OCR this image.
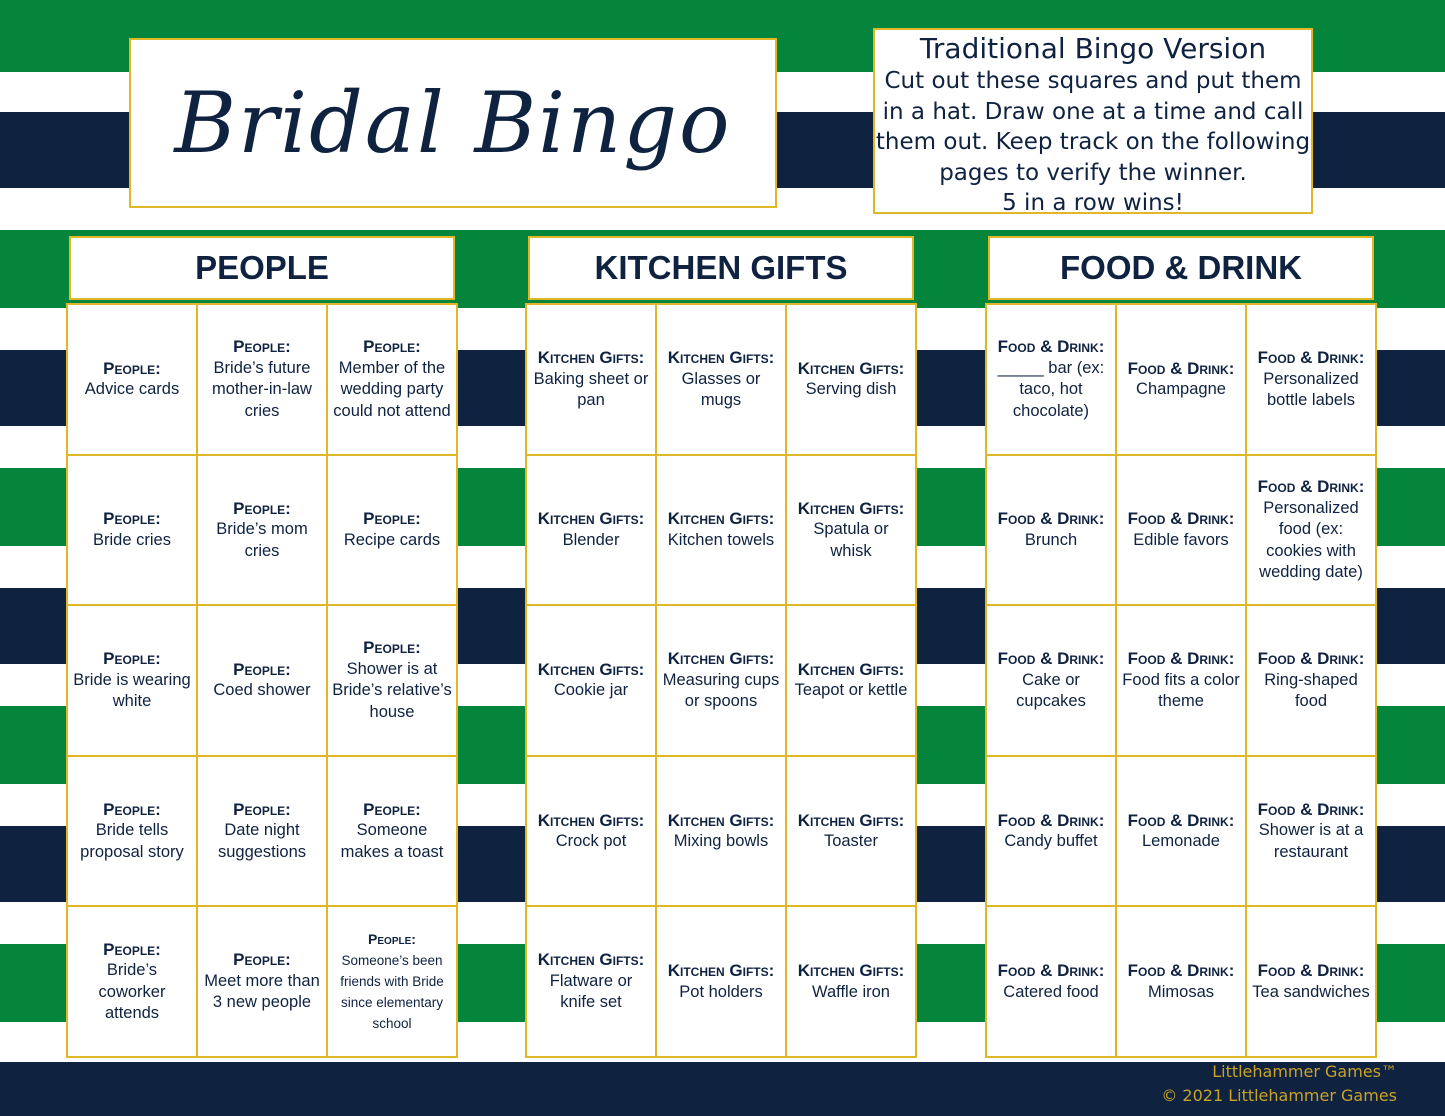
Bridal Bingo
Traditional Bingo Version
Cut out these squares and put them
in a hat. Draw one at a time and call
them out. Keep track on the following
pages to verify the winner.
5 in a row wins!
PEOPLE
People:
Advice cards
People:
Bride’s future mother-in-law cries
People:
Member of the wedding party could not attend
People:
Bride cries
People:
Bride’s mom cries
People:
Recipe cards
People:
Bride is wearing white
People:
Coed shower
People:
Shower is at Bride’s relative’s house
People:
Bride tells proposal story
People:
Date night suggestions
People:
Someone makes a toast
People:
Bride’s coworker attends
People:
Meet more than 3 new people
People:
Someone’s been friends with Bride since elementary school
KITCHEN GIFTS
Kitchen Gifts:
Baking sheet or pan
Kitchen Gifts:
Glasses or mugs
Kitchen Gifts:
Serving dish
Kitchen Gifts:
Blender
Kitchen Gifts:
Kitchen towels
Kitchen Gifts:
Spatula or whisk
Kitchen Gifts:
Cookie jar
Kitchen Gifts:
Measuring cups or spoons
Kitchen Gifts:
Teapot or kettle
Kitchen Gifts:
Crock pot
Kitchen Gifts:
Mixing bowls
Kitchen Gifts:
Toaster
Kitchen Gifts:
Flatware or knife set
Kitchen Gifts:
Pot holders
Kitchen Gifts:
Waffle iron
FOOD & DRINK
Food & Drink:
_____ bar (ex: taco, hot chocolate)
Food & Drink:
Champagne
Food & Drink:
Personalized bottle labels
Food & Drink:
Brunch
Food & Drink:
Edible favors
Food & Drink:
Personalized food (ex: cookies with wedding date)
Food & Drink:
Cake or cupcakes
Food & Drink:
Food fits a color theme
Food & Drink:
Ring-shaped food
Food & Drink:
Candy buffet
Food & Drink:
Lemonade
Food & Drink:
Shower is at a restaurant
Food & Drink:
Catered food
Food & Drink:
Mimosas
Food & Drink:
Tea sandwiches
Littlehammer Games™
© 2021 Littlehammer Games
